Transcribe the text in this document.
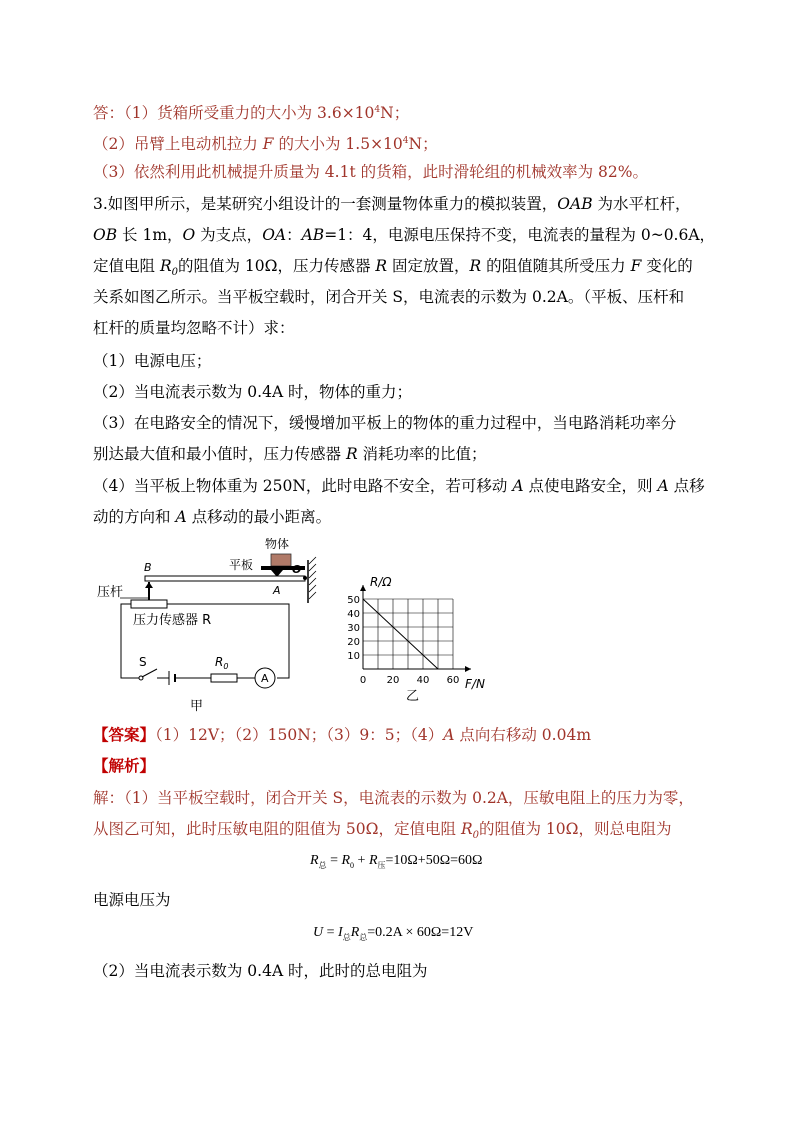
答：（1）货箱所受重力的大小为 $3.6\times 10^4N$；
（2）吊臂上电动机拉力 F 的大小为 $1.5\times 10^4N$；
（3）依然利用此机械提升质量为 4.1t 的货箱，此时滑轮组的机械效率为 82%。
3.如图甲所示，是某研究小组设计的一套测量物体重力的模拟装置，OAB 为水平杠杆，
OB 长 1m，O 为支点，OA：AB=1：4，电源电压保持不变，电流表的量程为 0~0.6A，
定值电阻 $R_0$的阻值为 10Ω，压力传感器 R 固定放置，R 的阻值随其所受压力 F 变化的
关系如图乙所示。当平板空载时，闭合开关 S，电流表的示数为 0.2A。（平板、压杆和
杠杆的质量均忽略不计）求：
（1）电源电压；
（2）当电流表示数为 0.4A 时，物体的重力；
（3）在电路安全的情况下，缓慢增加平板上的物体的重力过程中，当电路消耗功率分
别达最大值和最小值时，压力传感器 R 消耗功率的比值；
（4）当平板上物体重为 250N，此时电路不安全，若可移动 A 点使电路安全，则 A 点移
动的方向和 A 点移动的最小距离。
物体
平板
B	O
A
压杆
压力传感器 R
S	$R_0$
A
甲
R/Ω
F/N
50
40
30
20
10
0 20 40 60
乙
【答案】（1）12V；（2）150N；（3）9：5；（4）A 点向右移动 0.04m
【解析】
解：（1）当平板空载时，闭合开关 S，电流表的示数为 0.2A，压敏电阻上的压力为零，
从图乙可知，此时压敏电阻的阻值为 50Ω，定值电阻 $R_0$的阻值为 10Ω，则总电阻为
$R_总 = R_0 + R_压=10\Omega+50\Omega=60\Omega$
电源电压为
$U = I_总R_总=0.2A \times 60\Omega=12V$
（2）当电流表示数为 0.4A 时，此时的总电阻为
